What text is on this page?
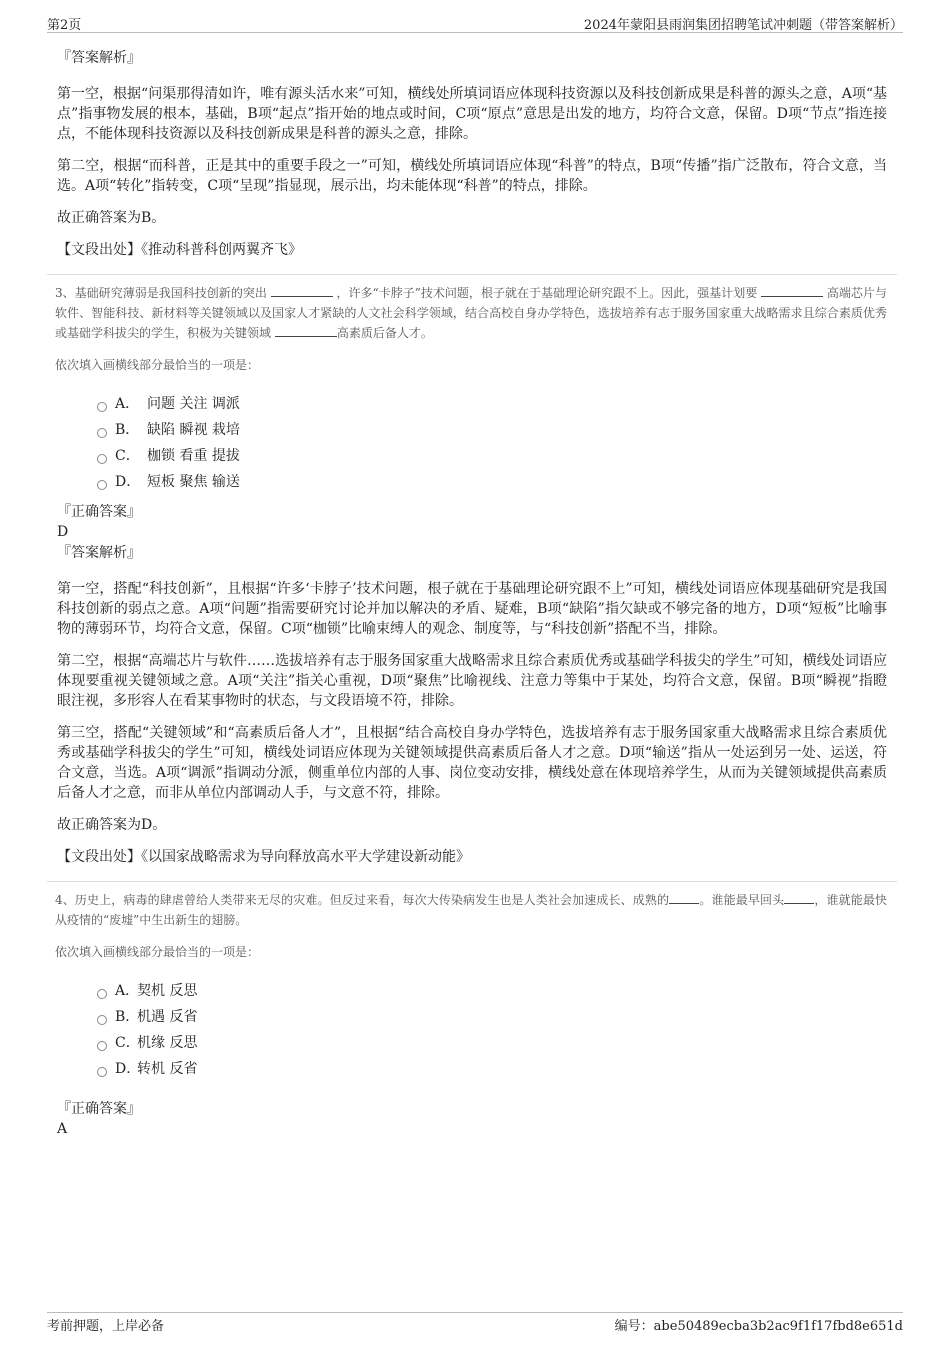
第2页	2024年蒙阳县雨润集团招聘笔试冲刺题（带答案解析）
『答案解析』

第一空，根据“问渠那得清如许，唯有源头活水来”可知，横线处所填词语应体现科技资源以及科技创新成果是科普的源头之意，A项“基点”指事物发展的根本，基础，B项“起点”指开始的地点或时间，C项“原点”意思是出发的地方，均符合文意，保留。D项“节点”指连接点，不能体现科技资源以及科技创新成果是科普的源头之意，排除。

第二空，根据“而科普，正是其中的重要手段之一”可知，横线处所填词语应体现“科普”的特点，B项“传播”指广泛散布，符合文意，当选。A项“转化”指转变，C项“呈现”指显现，展示出，均未能体现“科普”的特点，排除。

故正确答案为B。

【文段出处】《推动科普科创两翼齐飞》

3、基础研究薄弱是我国科技创新的突出	，许多“卡脖子”技术问题，根子就在于基础理论研究跟不上。因此，强基计划要	高端芯片与软件、智能科技、新材料等关键领域以及国家人才紧缺的人文社会科学领域，结合高校自身办学特色，选拔培养有志于服务国家重大战略需求且综合素质优秀或基础学科拔尖的学生，积极为关键领域	高素质后备人才。

依次填入画横线部分最恰当的一项是：

A． 问题 关注 调派
B． 缺陷 瞬视 栽培
C． 枷锁 看重 提拔
D． 短板 聚焦 输送
『正确答案』
D
『答案解析』

第一空，搭配“科技创新”，且根据“许多‘卡脖子’技术问题，根子就在于基础理论研究跟不上”可知，横线处词语应体现基础研究是我国科技创新的弱点之意。A项“问题”指需要研究讨论并加以解决的矛盾、疑难，B项“缺陷”指欠缺或不够完备的地方，D项“短板”比喻事物的薄弱环节，均符合文意，保留。C项“枷锁”比喻束缚人的观念、制度等，与“科技创新”搭配不当，排除。

第二空，根据“高端芯片与软件……选拔培养有志于服务国家重大战略需求且综合素质优秀或基础学科拔尖的学生”可知，横线处词语应体现要重视关键领域之意。A项“关注”指关心重视，D项“聚焦”比喻视线、注意力等集中于某处，均符合文意，保留。B项“瞬视”指瞪眼注视，多形容人在看某事物时的状态，与文段语境不符，排除。

第三空，搭配“关键领域”和“高素质后备人才”，且根据“结合高校自身办学特色，选拔培养有志于服务国家重大战略需求且综合素质优秀或基础学科拔尖的学生”可知，横线处词语应体现为关键领域提供高素质后备人才之意。D项“输送”指从一处运到另一处、运送，符合文意，当选。A项“调派”指调动分派，侧重单位内部的人事、岗位变动安排，横线处意在体现培养学生，从而为关键领域提供高素质后备人才之意，而非从单位内部调动人手，与文意不符，排除。

故正确答案为D。

【文段出处】《以国家战略需求为导向释放高水平大学建设新动能》

4、历史上，病毒的肆虐曾给人类带来无尽的灾难。但反过来看，每次大传染病发生也是人类社会加速成长、成熟的	。谁能最早回头	，谁就能最快从疫情的“废墟”中生出新生的翅膀。

依次填入画横线部分最恰当的一项是：

A．
契机 反思
B．
机遇 反省
C．
机缘 反思
D．
转机 反省
『正确答案』
A
考前押题，上岸必备	编号：abe50489ecba3b2ac9f1f17fbd8e651d
